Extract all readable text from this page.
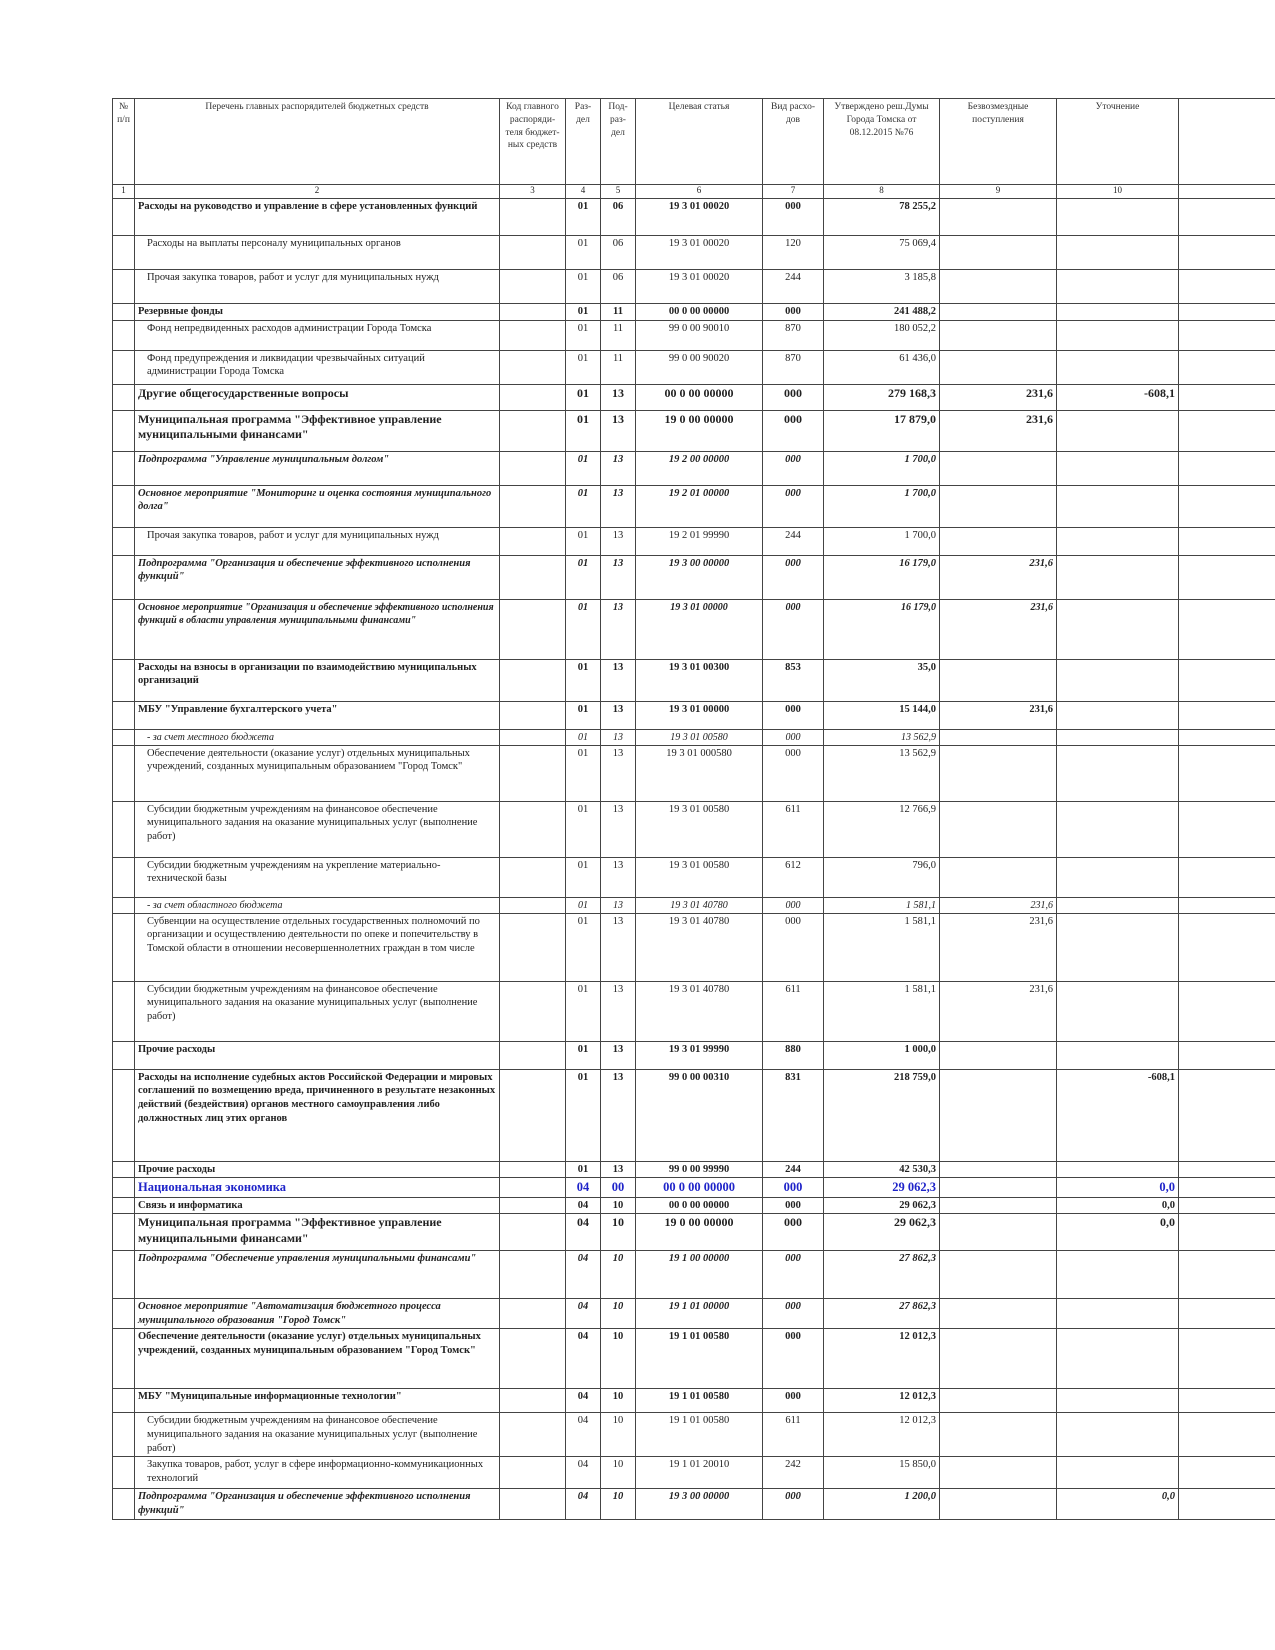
№ п/п	Перечень главных распорядителей бюджетных средств	Код главного распоряди-теля бюджет-ных средств	Раз-дел	Под-раз-дел	Целевая статья	Вид расхо-дов	Утверждено реш.Думы Города Томска от 08.12.2015 №76	Безвозмездные поступления	Уточнение	
1	2	3	4	5	6	7	8	9	10	
	Расходы на руководство и управление в сфере установленных функций		01	06	19 3 01 00020	000	78 255,2			
	Расходы на выплаты персоналу муниципальных органов		01	06	19 3 01 00020	120	75 069,4			
	Прочая закупка товаров, работ и услуг для муниципальных нужд		01	06	19 3 01 00020	244	3 185,8			
	Резервные фонды		01	11	00 0 00 00000	000	241 488,2			
	Фонд непредвиденных расходов администрации Города Томска		01	11	99 0 00 90010	870	180 052,2			
	Фонд предупреждения и ликвидации чрезвычайных ситуаций администрации Города Томска		01	11	99 0 00 90020	870	61 436,0			
	Другие общегосударственные вопросы		01	13	00 0 00 00000	000	279 168,3	231,6	-608,1	
	Муниципальная программа "Эффективное управление муниципальными финансами"		01	13	19 0 00 00000	000	17 879,0	231,6		
	Подпрограмма "Управление муниципальным долгом"		01	13	19 2 00 00000	000	1 700,0			
	Основное мероприятие "Мониторинг и оценка состояния муниципального долга"		01	13	19 2 01 00000	000	1 700,0			
	Прочая закупка товаров, работ и услуг для муниципальных нужд		01	13	19 2 01 99990	244	1 700,0			
	Подпрограмма "Организация и обеспечение эффективного исполнения функций"		01	13	19 3 00 00000	000	16 179,0	231,6		
	Основное мероприятие "Организация и обеспечение эффективного исполнения функций в области управления муниципальными финансами"		01	13	19 3 01 00000	000	16 179,0	231,6		
	Расходы на взносы в организации по взаимодействию муниципальных организаций		01	13	19 3 01 00300	853	35,0			
	МБУ "Управление бухгалтерского учета"		01	13	19 3 01 00000	000	15 144,0	231,6		
	- за счет местного бюджета		01	13	19 3 01 00580	000	13 562,9			
	Обеспечение деятельности (оказание услуг) отдельных муниципальных учреждений, созданных муниципальным образованием "Город Томск"		01	13	19 3 01 000580	000	13 562,9			
	Субсидии бюджетным учреждениям на финансовое обеспечение муниципального задания на оказание муниципальных услуг (выполнение работ)		01	13	19 3 01 00580	611	12 766,9			
	Субсидии бюджетным учреждениям на укрепление материально-технической базы		01	13	19 3 01 00580	612	796,0			
	- за счет областного бюджета		01	13	19 3 01 40780	000	1 581,1	231,6		
	Субвенции на осуществление отдельных государственных полномочий по организации и осуществлению деятельности по опеке и попечительству в Томской области в отношении несовершеннолетних граждан в том числе		01	13	19 3 01 40780	000	1 581,1	231,6		
	Субсидии бюджетным учреждениям на финансовое обеспечение муниципального задания на оказание муниципальных услуг (выполнение работ)		01	13	19 3 01 40780	611	1 581,1	231,6		
	Прочие расходы		01	13	19 3 01 99990	880	1 000,0			
	Расходы на исполнение судебных актов Российской Федерации и мировых соглашений по возмещению вреда, причиненного в результате незаконных действий (бездействия) органов местного самоуправления либо должностных лиц этих органов		01	13	99 0 00 00310	831	218 759,0		-608,1	
	Прочие расходы		01	13	99 0 00 99990	244	42 530,3			
	Национальная экономика		04	00	00 0 00 00000	000	29 062,3		0,0	
	Связь и информатика		04	10	00 0 00 00000	000	29 062,3		0,0	
	Муниципальная программа "Эффективное управление муниципальными финансами"		04	10	19 0 00 00000	000	29 062,3		0,0	
	Подпрограмма "Обеспечение управления муниципальными финансами"		04	10	19 1 00 00000	000	27 862,3			
	Основное мероприятие "Автоматизация бюджетного процесса муниципального образования "Город Томск"		04	10	19 1 01 00000	000	27 862,3			
	Обеспечение деятельности (оказание услуг) отдельных муниципальных учреждений, созданных муниципальным образованием "Город Томск"		04	10	19 1 01 00580	000	12 012,3			
	МБУ "Муниципальные информационные технологии"		04	10	19 1 01 00580	000	12 012,3			
	Субсидии бюджетным учреждениям на финансовое обеспечение муниципального задания на оказание муниципальных услуг (выполнение работ)		04	10	19 1 01 00580	611	12 012,3			
	Закупка товаров, работ, услуг в сфере информационно-коммуникационных технологий		04	10	19 1 01 20010	242	15 850,0			
	Подпрограмма "Организация и обеспечение эффективного исполнения функций"		04	10	19 3 00 00000	000	1 200,0		0,0	
